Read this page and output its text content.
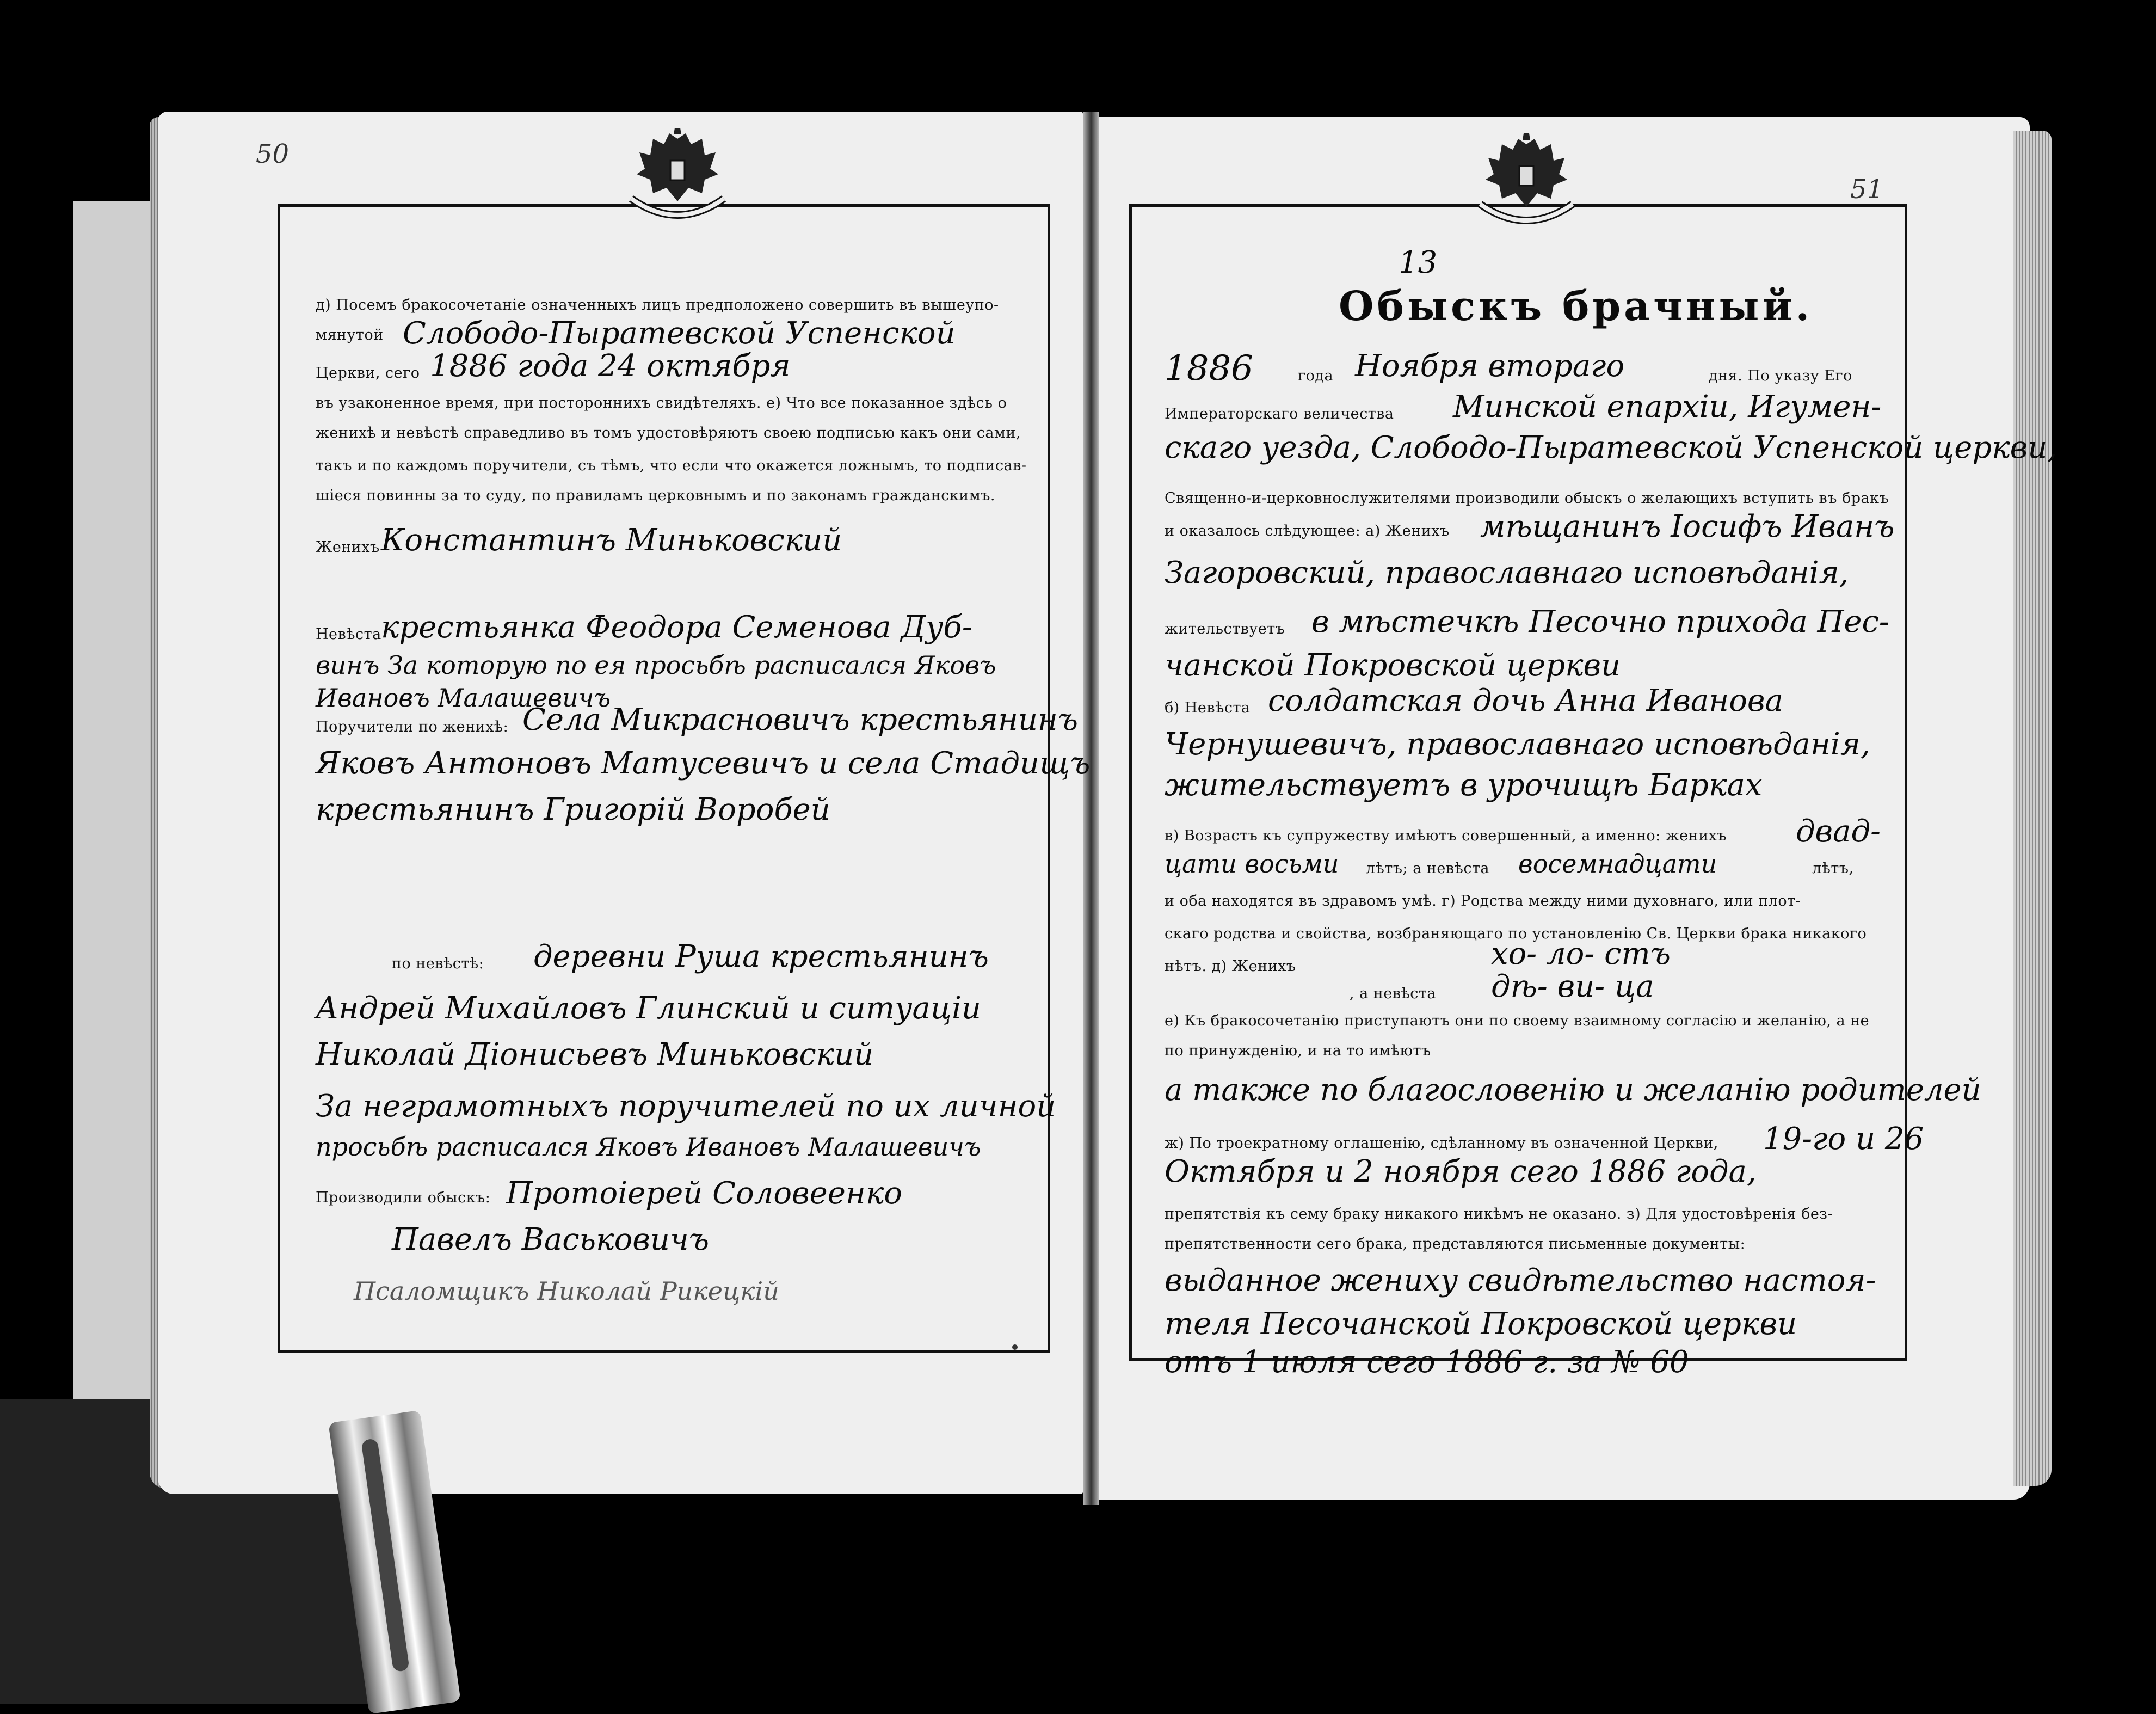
50
д) Посемъ бракосочетанiе означенныхъ лицъ предположено совершить въ вышеупо-
мянутой Слободо-Пыратевской Успенской
Церкви, сего 1886 года 24 октября
въ узаконенное время, при постороннихъ свидѣтеляхъ. е) Что все показанное здѣсь о
женихѣ и невѣстѣ справедливо въ томъ удостовѣряютъ своею подписью какъ они сами,
такъ и по каждомъ поручители, съ тѣмъ, что если что окажется ложнымъ, то подписав-
шiеся повинны за то суду, по правиламъ церковнымъ и по законамъ гражданскимъ.
Женихъ Константинъ Миньковский
Невѣста крестьянка Феодора Семенова Дуб-
винъ За которую по ея просьбѣ расписался Яковъ
Ивановъ Малашевичъ
Поручители по женихѣ: Села Микрасновичъ крестьянинъ
Яковъ Антоновъ Матусевичъ и села Стадищъ
крестьянинъ Григорiй Воробей
по невѣстѣ: деревни Руша крестьянинъ
Андрей Михайловъ Глинский и ситуацiи
Николай Дiонисьевъ Миньковский
За неграмотныхъ поручителей по их личной
просьбѣ расписался Яковъ Ивановъ Малашевичъ
Производили обыскъ: Протоiерей Соловеенко
Павелъ Васьковичъ
Псаломщикъ Николай Рикецкiй
51
13
Обыскъ брачный.
1886	года Ноября втораго	дня. По указу Его
Императорскаго величества Минской епархiи, Игумен-
скаго уезда, Слободо-Пыратевской Успенской церкви,
Священно-и-церковнослужителями производили обыскъ о желающихъ вступить въ бракъ
и оказалось слѣдующее: а) Женихъ мѣщанинъ Iосифъ Иванъ
Загоровский, православнаго исповѣданiя,
жительствуетъ в мѣстечкѣ Песочно прихода Пес-
чанской Покровской церкви
б) Невѣста солдатская дочь Анна Иванова
Чернушевичъ, православнаго исповѣданiя,
жительствуетъ в урочищѣ Барках
в) Возрастъ къ супружеству имѣютъ совершенный, а именно: женихъ двад-
цати восьми лѣтъ; а невѣста восемнадцати	лѣтъ,
и оба находятся въ здравомъ умѣ. г) Родства между ними духовнаго, или плот-
скаго родства и свойства, возбраняющаго по установленiю Св. Церкви брака никакого
нѣтъ. д) Женихъ	хо- ло- стъ
, а невѣста дѣ- ви- ца
е) Къ бракосочетанiю приступаютъ они по своему взаимному согласiю и желанiю, а не
по принужденiю, и на то имѣютъ
а также по благословенiю и желанiю родителей
ж) По троекратному оглашенiю, сдѣланному въ означенной Церкви, 19-го и 26
Октября и 2 ноября сего 1886 года,
препятствiя къ сему браку никакого никѣмъ не оказано. з) Для удостовѣренiя без-
препятственности сего брака, представляются письменные документы:
выданное жениху свидѣтельство настоя-
теля Песочанской Покровской церкви
отъ 1 июля сего 1886 г. за № 60
